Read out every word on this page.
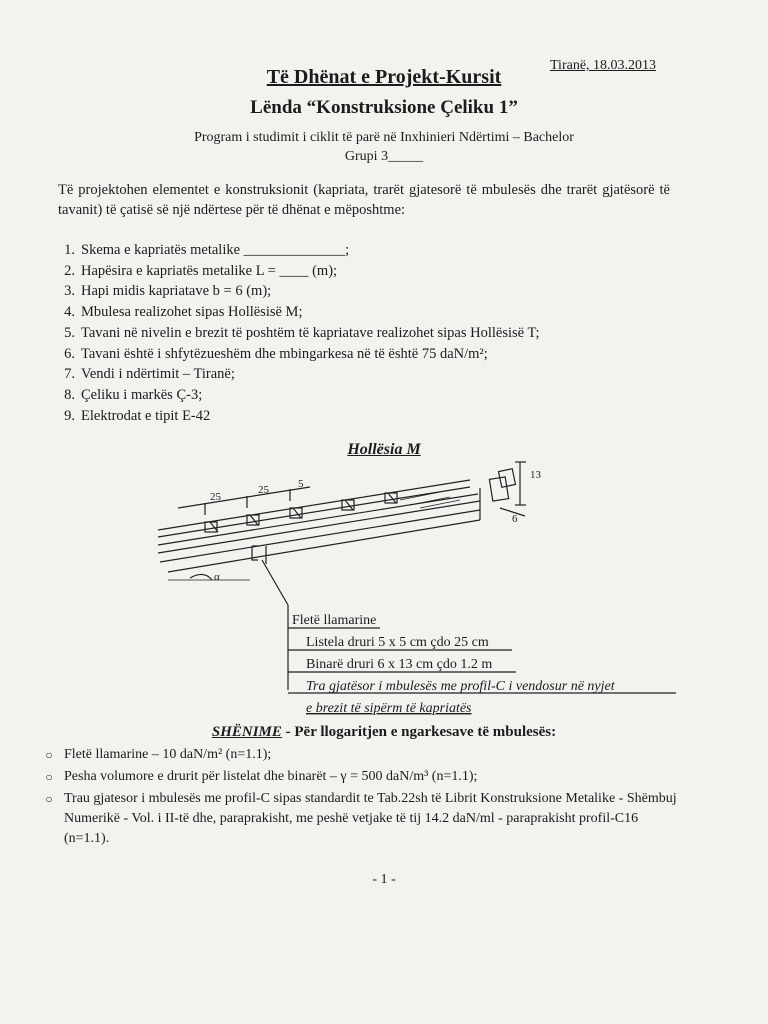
Tiranë, 18.03.2013
Të Dhënat e Projekt-Kursit
Lënda “Konstruksione Çeliku 1”
Program i studimit i ciklit të parë në Inxhinieri Ndërtimi – Bachelor
Grupi 3_____
Të projektohen elementet e konstruksionit (kapriata, trarët gjatesorë të mbulesës dhe trarët gjatësorë të tavanit) të çatisë së një ndërtese për të dhënat e mëposhtme:
1. Skema e kapriatës metalike ______________;
2. Hapësira e kapriatës metalike L = ____ (m);
3. Hapi midis kapriatave b = 6 (m);
4. Mbulesa realizohet sipas Hollësisë M;
5. Tavani në nivelin e brezit të poshtëm të kapriatave realizohet sipas Hollësisë T;
6. Tavani është i shfytëzueshëm dhe mbingarkesa në të është 75 daN/m²;
7. Vendi i ndërtimit – Tiranë;
8. Çeliku i markës Ç-3;
9. Elektrodat e tipit E-42
Hollësia M
25
25	5
13
6
α
Fletë llamarine
Listela druri 5 x 5 cm çdo 25 cm
Binarë druri 6 x 13 cm çdo 1.2 m
Tra gjatësor i mbulesës me profil-C i vendosur në nyjet
e brezit të sipërm të kapriatës
SHËNIME - Për llogaritjen e ngarkesave të mbulesës:
○ Fletë llamarine – 10 daN/m² (n=1.1);
○ Pesha volumore e drurit për listelat dhe binarët – γ = 500 daN/m³ (n=1.1);
○ Trau gjatesor i mbulesës me profil-C sipas standardit te Tab.22sh të Librit Konstruksione Metalike - Shëmbuj Numerikë - Vol. i II-të dhe, paraprakisht, me peshë vetjake të tij 14.2 daN/ml - paraprakisht profil-C16 (n=1.1).
- 1 -
